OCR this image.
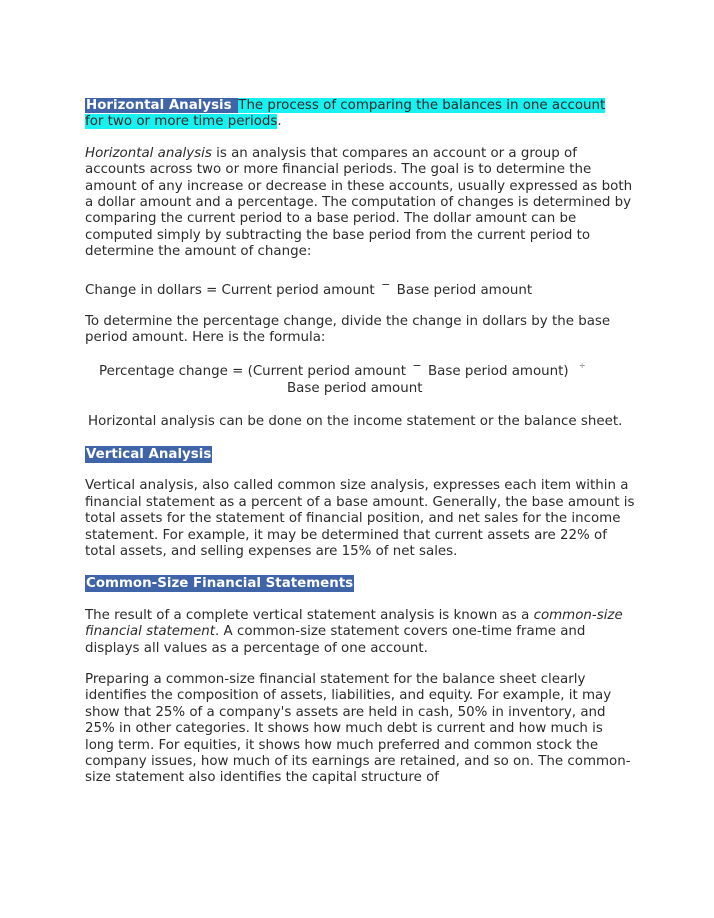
Horizontal Analysis The process of comparing the balances in one account
for two or more time periods.

Horizontal analysis is an analysis that compares an account or a group of accounts across two or more financial periods. The goal is to determine the amount of any increase or decrease in these accounts, usually expressed as both a dollar amount and a percentage. The computation of changes is determined by comparing the current period to a base period. The dollar amount can be computed simply by subtracting the base period from the current period to determine the amount of change:

Change in dollars = Current period amount − Base period amount

To determine the percentage change, divide the change in dollars by the base period amount. Here is the formula:

Percentage change = (Current period amount − Base period amount) ÷

Base period amount

Horizontal analysis can be done on the income statement or the balance sheet.

Vertical Analysis

Vertical analysis, also called common size analysis, expresses each item within a financial statement as a percent of a base amount. Generally, the base amount is total assets for the statement of financial position, and net sales for the income statement. For example, it may be determined that current assets are 22% of total assets, and selling expenses are 15% of net sales.

Common-Size Financial Statements

The result of a complete vertical statement analysis is known as a common-size financial statement. A common-size statement covers one-time frame and displays all values as a percentage of one account.

Preparing a common-size financial statement for the balance sheet clearly identifies the composition of assets, liabilities, and equity. For example, it may show that 25% of a company's assets are held in cash, 50% in inventory, and 25% in other categories. It shows how much debt is current and how much is long term. For equities, it shows how much preferred and common stock the company issues, how much of its earnings are retained, and so on. The common-size statement also identifies the capital structure of
